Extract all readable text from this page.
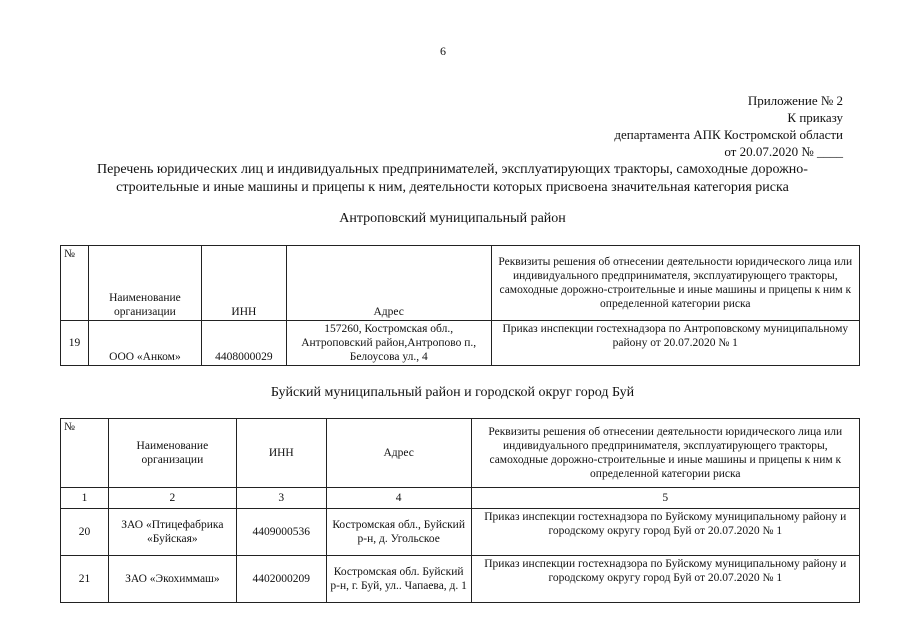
6
Приложение № 2
К приказу
департамента АПК Костромской области
от 20.07.2020 № ____
Перечень юридических лиц и индивидуальных предпринимателей, эксплуатирующих тракторы, самоходные дорожно-
строительные и иные машины и прицепы к ним, деятельности которых присвоена значительная категория риска
Антроповский муниципальный район
№	Наименование организации	ИНН	Адрес	Реквизиты решения об отнесении деятельности юридического лица или индивидуального предпринимателя, эксплуатирующего тракторы, самоходные дорожно-строительные и иные машины и прицепы к ним к определенной категории риска
19	ООО «Анком»	4408000029	157260, Костромская обл., Антроповский район,Антропово п., Белоусова ул., 4	Приказ инспекции гостехнадзора по Антроповскому муниципальному району от 20.07.2020 № 1
Буйский муниципальный район и городской округ город Буй
№	Наименование организации	ИНН	Адрес	Реквизиты решения об отнесении деятельности юридического лица или индивидуального предпринимателя, эксплуатирующего тракторы, самоходные дорожно-строительные и иные машины и прицепы к ним к определенной категории риска
1	2	3	4	5
20	ЗАО «Птицефабрика «Буйская»	4409000536	Костромская обл., Буйский р-н, д. Угольское	Приказ инспекции гостехнадзора по Буйскому муниципальному району и городскому округу город Буй от 20.07.2020 № 1
21	ЗАО «Экохиммаш»	4402000209	Костромская обл. Буйский р-н, г. Буй, ул.. Чапаева, д. 1	Приказ инспекции гостехнадзора по Буйскому муниципальному району и городскому округу город Буй от 20.07.2020 № 1
